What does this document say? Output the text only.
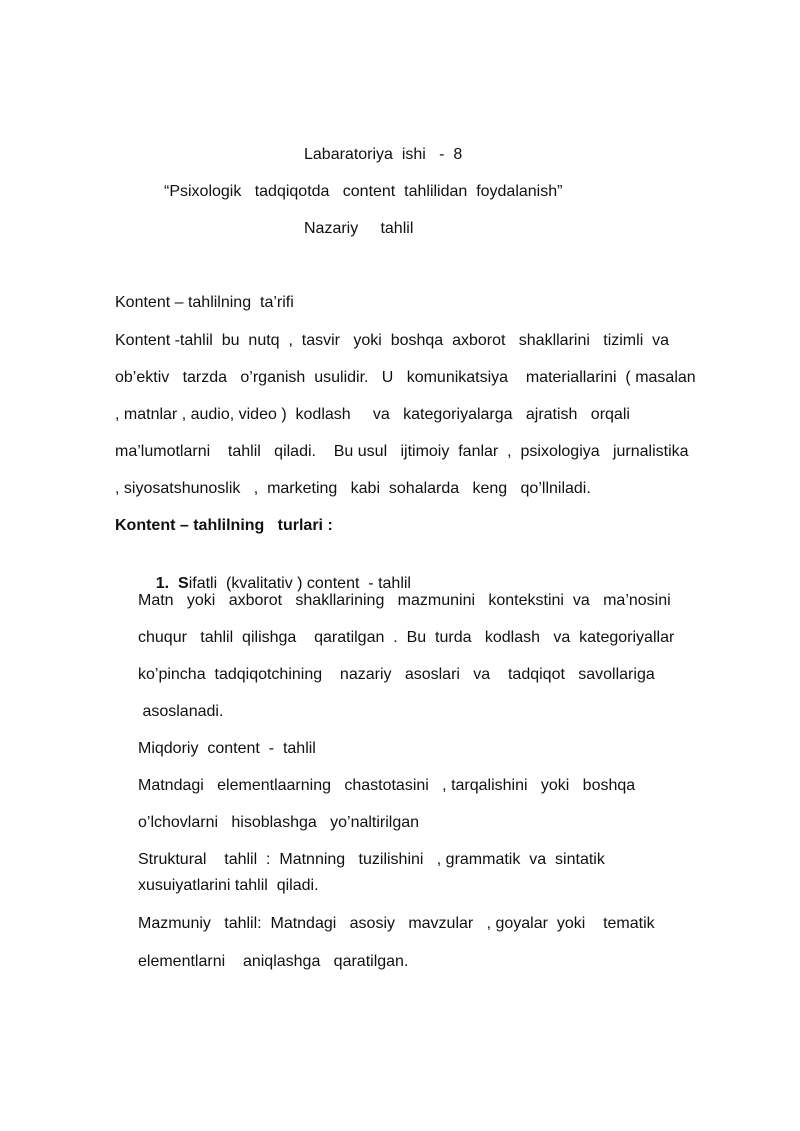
Labaratoriya  ishi   -  8
“Psixologik   tadqiqotda   content  tahlilidan  foydalanish”
Nazariy     tahlil
Kontent – tahlilning  ta’rifi
Kontent -tahlil  bu  nutq  ,  tasvir   yoki  boshqa  axborot   shakllarini   tizimli  va
ob’ektiv   tarzda   o’rganish  usulidir.   U   komunikatsiya    materiallarini  ( masalan
, matnlar , audio, video )  kodlash     va   kategoriyalarga   ajratish   orqali
ma’lumotlarni    tahlil   qiladi.    Bu usul   ijtimoiy  fanlar  ,  psixologiya   jurnalistika
, siyosatshunoslik   ,  marketing   kabi  sohalarda   keng   qo’llniladi.
Kontent – tahlilning   turlari :

1. Sifatli  (kvalitativ ) content  - tahlil

Matn   yoki   axborot   shakllarining   mazmunini   kontekstini  va   ma’nosini
chuqur   tahlil  qilishga    qaratilgan  .  Bu  turda   kodlash   va  kategoriyallar
ko’pincha  tadqiqotchining    nazariy   asoslari   va    tadqiqot   savollariga
asoslanadi.
Miqdoriy  content  -  tahlil
Matndagi   elementlaarning   chastotasini   , tarqalishini   yoki   boshqa
o’lchovlarni   hisoblashga   yo’naltirilgan
Struktural    tahlil  :  Matnning   tuzilishini   , grammatik  va  sintatik
xusuiyatlarini tahlil  qiladi.
Mazmuniy   tahlil:  Matndagi   asosiy   mavzular   , goyalar  yoki    tematik
elementlarni    aniqlashga   qaratilgan.
